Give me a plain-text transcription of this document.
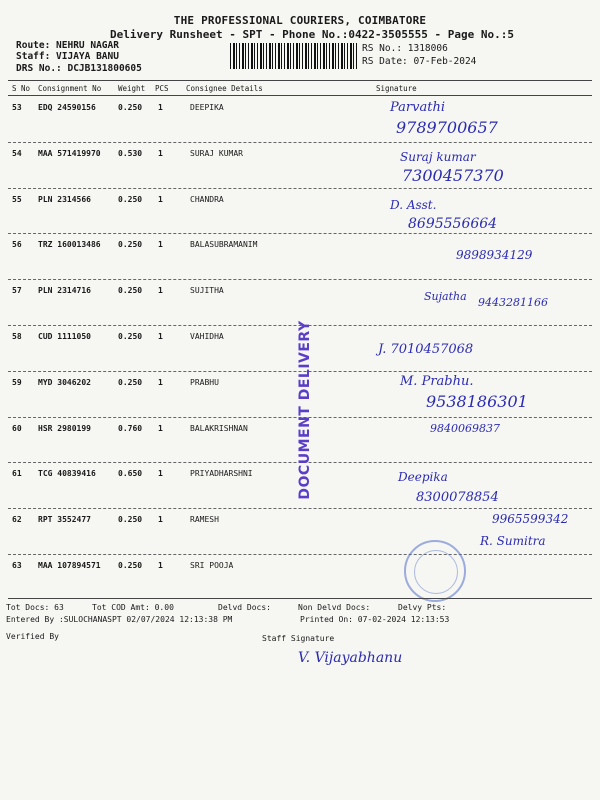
THE PROFESSIONAL COURIERS, COIMBATORE
Delivery Runsheet - SPT - Phone No.:0422-3505555 - Page No.:5
Route: NEHRU NAGAR
Staff: VIJAYA BANU
DRS No.: DCJB131800605
RS No.: 1318006
RS Date: 07-Feb-2024
S No Consignment No Weight PCS Consignee Details	Signature
53 EDQ 24590156	0.250 1	DEEPIKA
54 MAA 571419970 0.530 1	SURAJ KUMAR
55 PLN 2314566	0.250 1	CHANDRA
56 TRZ 160013486 0.250 1	BALASUBRAMANIM
57 PLN 2314716	0.250 1	SUJITHA
58 CUD 1111050	0.250 1	VAHIDHA
59 MYD 3046202	0.250 1	PRABHU
60 HSR 2980199	0.760 1	BALAKRISHNAN
61 TCG 40839416	0.650 1	PRIYADHARSHNI
62 RPT 3552477	0.250 1	RAMESH
63 MAA 107894571 0.250 1	SRI POOJA
DOCUMENT DELIVERY
Parvathi
9789700657
Suraj kumar
7300457370
D. Asst.
8695556664
9898934129
Sujatha 9443281166
J. 7010457068
M. Prabhu.
9538186301
9840069837
Deepika
8300078854
9965599342
R. Sumitra
Tot Docs: 63	Tot COD Amt: 0.00	Delvd Docs:	Non Delvd Docs:	Delvy Pts:
Entered By :SULOCHANASPT 02/07/2024 12:13:38 PM	Printed On: 07-02-2024 12:13:53
Verified By	Staff Signature
V. Vijayabhanu
